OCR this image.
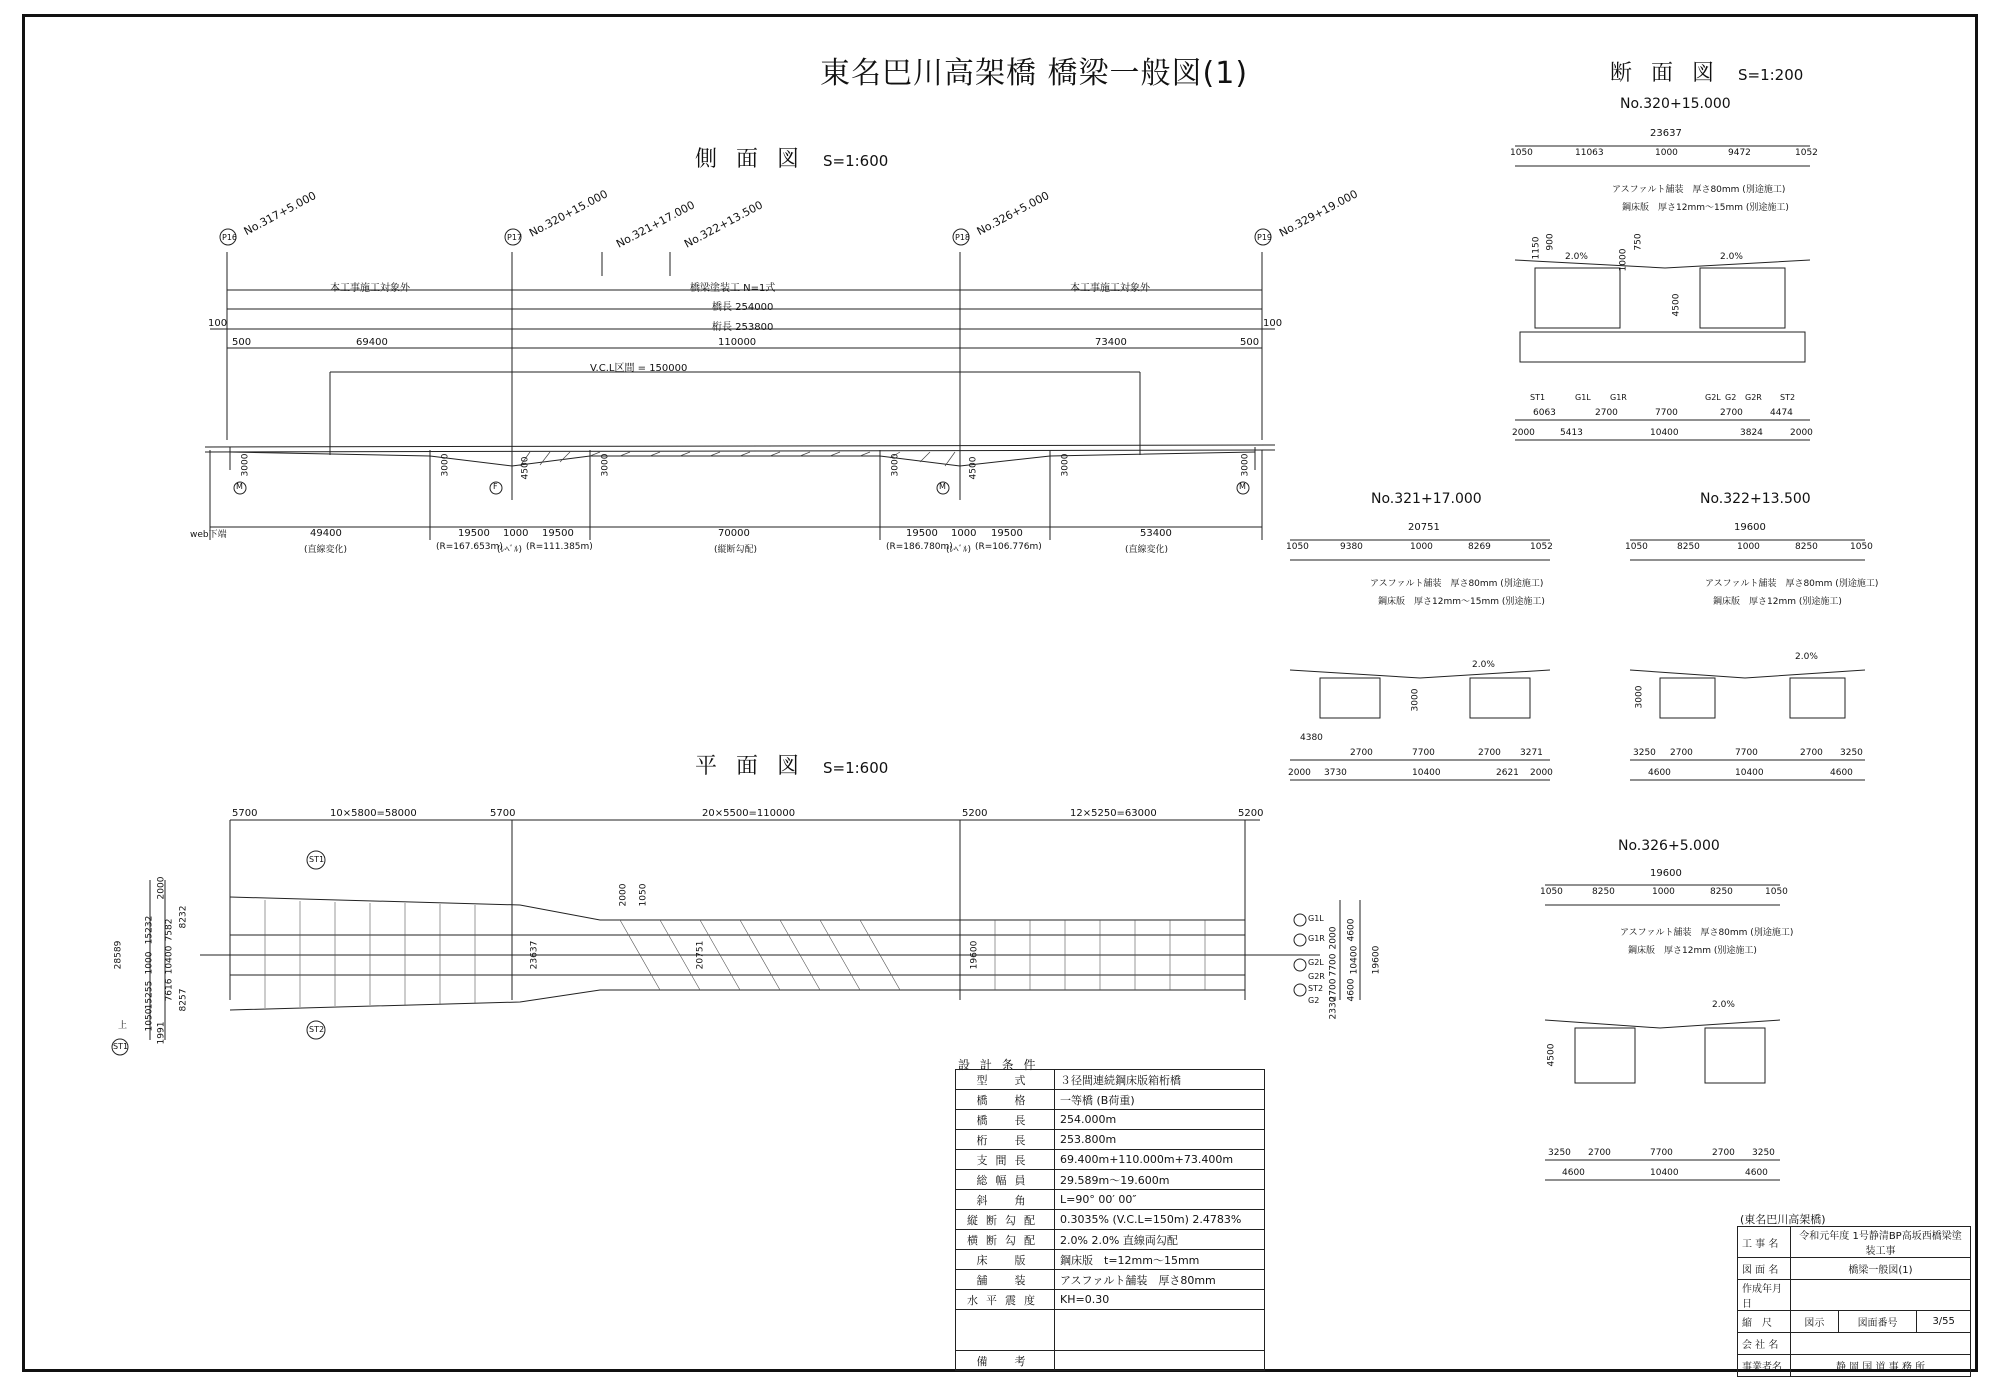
東名巴川高架橋 橋梁一般図(1)
側 面 図 S=1:600
平 面 図 S=1:600
断 面 図 S=1:200
No.320+15.000
No.321+17.000	No.322+13.500
No.326+5.000
No.317+5.000	No.320+15.000 No.321+17.000
No.322+13.500	No.326+5.000	No.329+19.000
P16	P17	P18	P19
本工事施工対象外	橋梁塗装工 N=1式	本工事施工対象外
橋長 254000
桁長 253800
100	100
500	69400	110000	73400	500
V.C.L区間 = 150000
web下端	49400	19500 1000 19500	70000	19500 1000 19500	53400
(直線変化)	(R=167.653m)
(ﾚﾍﾞﾙ) (R=111.385m)	(縦断勾配)	(R=186.780m)
(ﾚﾍﾞﾙ) (R=106.776m)	(直線変化)
3000	3000	4500	3000	3000	4500	3000	3000
M	F	M	M
5700	10×5800=58000	5700	20×5500=110000	5200	12×5250=63000	5200
28589
2000
15232
1000
15255
7582
10400
7616
8232
1991
8257
1050
2000
7700
2700
19600
2330
4600
10400
4600
23637	20751	19600
2000 1050
ST1
ST2
ST1
G1L
G1R
G2L
G2R
ST2
G2
上
23637
1050	11063	1000	9472	1052
アスファルト舗装　厚さ80mm (別途施工)
鋼床版　厚さ12mm～15mm (別途施工)
2.0%	2.0%
4500
1150 900	750
1000
ST1	G1L G1R	G2L G2 G2R ST2
6063	2700	7700	2700	4474
2000	5413	10400	3824	2000
20751
1050	9380	1000	8269	1052
アスファルト舗装　厚さ80mm (別途施工)
鋼床版　厚さ12mm～15mm (別途施工)
2.0%
3000
4380
2700	7700	2700 3271
2000 3730	10400	2621 2000
19600
1050	8250	1000	8250	1050
アスファルト舗装　厚さ80mm (別途施工)
鋼床版　厚さ12mm (別途施工)
2.0%
3000
3250 2700	7700	2700 3250
4600	10400	4600
19600
1050	8250	1000	8250	1050
アスファルト舗装　厚さ80mm (別途施工)
鋼床版　厚さ12mm (別途施工)
2.0%
4500
3250 2700	7700	2700 3250
4600	10400	4600
設 計 条 件
型　式	３径間連続鋼床版箱桁橋
橋　格	一等橋 (B荷重)
橋　長	254.000m
桁　長	253.800m
支間長	69.400m+110.000m+73.400m
総幅員	29.589m～19.600m
斜　角	L=90° 00′ 00″
縦断勾配	0.3035% (V.C.L=150m) 2.4783%
横断勾配	2.0% 2.0% 直線両勾配
床　版	鋼床版　t=12mm～15mm
舗　装	アスファルト舗装　厚さ80mm
水平震度	KH=0.30

備　考	
(東名巴川高架橋)
工 事 名	令和元年度 1号静清BP高坂西橋梁塗装工事		
図 面 名	橋梁一般図(1)		
作成年月日			
縮　尺	図示	図面番号	3/55
会 社 名			
事業者名	静 岡 国 道 事 務 所		
